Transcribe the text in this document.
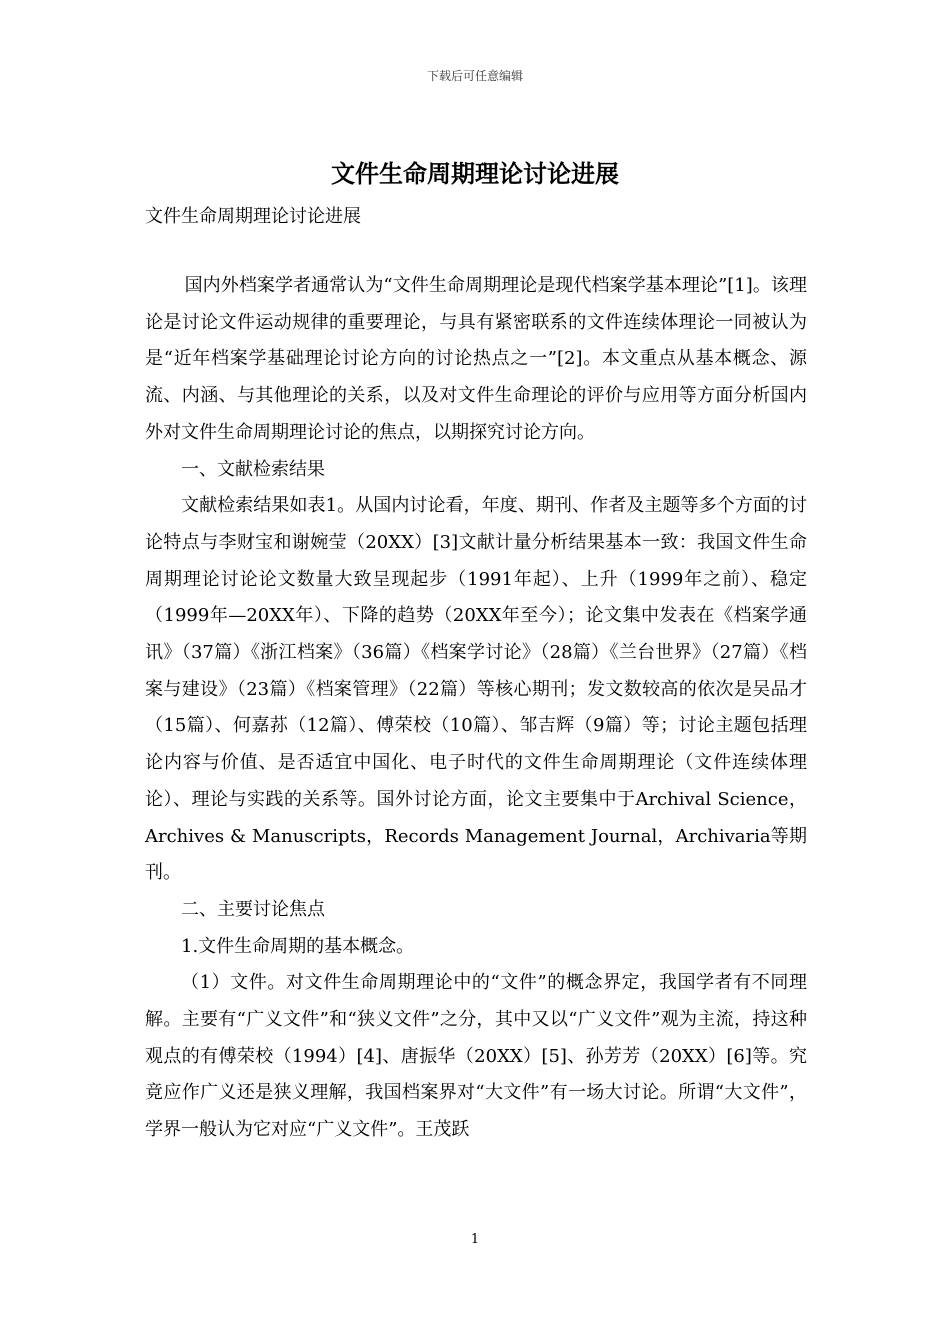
下载后可任意编辑
文件生命周期理论讨论进展
文件生命周期理论讨论进展

国内外档案学者通常认为“文件生命周期理论是现代档案学基本理论”[1]。该理论是讨论文件运动规律的重要理论，与具有紧密联系的文件连续体理论一同被认为是“近年档案学基础理论讨论方向的讨论热点之一”[2]。本文重点从基本概念、源流、内涵、与其他理论的关系，以及对文件生命理论的评价与应用等方面分析国内外对文件生命周期理论讨论的焦点，以期探究讨论方向。

一、文献检索结果

文献检索结果如表1。从国内讨论看，年度、期刊、作者及主题等多个方面的讨论特点与李财宝和谢婉莹（20XX）[3]文献计量分析结果基本一致：我国文件生命周期理论讨论论文数量大致呈现起步（1991年起）、上升（1999年之前）、稳定（1999年—20XX年）、下降的趋势（20XX年至今）；论文集中发表在《档案学通讯》（37篇）《浙江档案》（36篇）《档案学讨论》（28篇）《兰台世界》（27篇）《档案与建设》（23篇）《档案管理》（22篇）等核心期刊；发文数较高的依次是吴品才（15篇）、何嘉荪（12篇）、傅荣校（10篇）、邹吉辉（9篇）等；讨论主题包括理论内容与价值、是否适宜中国化、电子时代的文件生命周期理论（文件连续体理论）、理论与实践的关系等。国外讨论方面，论文主要集中于Archival Science，Archives & Manuscripts，Records Management Journal，Archivaria等期刊。

二、主要讨论焦点

1.文件生命周期的基本概念。

（1）文件。对文件生命周期理论中的“文件”的概念界定，我国学者有不同理解。主要有“广义文件”和“狭义文件”之分，其中又以“广义文件”观为主流，持这种观点的有傅荣校（1994）[4]、唐振华（20XX）[5]、孙芳芳（20XX）[6]等。究竟应作广义还是狭义理解，我国档案界对“大文件”有一场大讨论。所谓“大文件”，学界一般认为它对应“广义文件”。王茂跃

1
